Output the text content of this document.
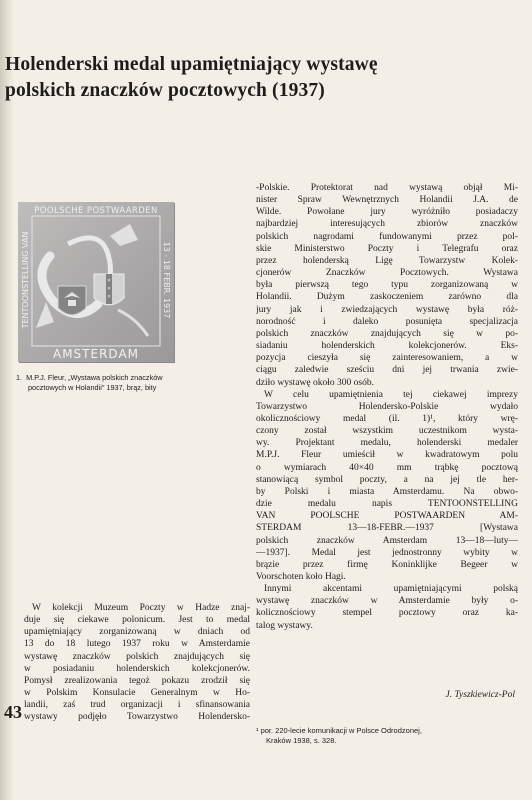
Holenderski medal upamiętniający wystawę
polskich znaczków pocztowych (1937)
POOLSCHE POSTWAARDEN
TENTOONSTELLING VAN	13 - 18 FEBR. 1937
AMSTERDAM
✕
✕
✕
1. M.P.J. Fleur, „Wystawa polskich znaczków
pocztowych w Holandii" 1937, brąz, bity
-Polskie. Protektorat nad wystawą objął Mi-
nister Spraw Wewnętrznych Holandii J.A. de
Wilde. Powołane jury wyróżniło posiadaczy
najbardziej interesujących zbiorów znaczków
polskich nagrodami fundowanymi przez pol-
skie Ministerstwo Poczty i Telegrafu oraz
przez holenderską Ligę Towarzystw Kolek-
cjonerów Znaczków Pocztowych. Wystawa
była pierwszą tego typu zorganizowaną w
Holandii. Dużym zaskoczeniem zarówno dla
jury jak i zwiedzających wystawę była róż-
norodność i daleko posunięta specjalizacja
polskich znaczków znajdujących się w po-
siadaniu holenderskich kolekcjonerów. Eks-
pozycja cieszyła się zainteresowaniem, a w
ciągu zaledwie sześciu dni jej trwania zwie-
dziło wystawę około 300 osób.
W celu upamiętnienia tej ciekawej imprezy
Towarzystwo Holendersko-Polskie wydało
okolicznościowy medal (il. 1)¹, który wrę-
czony został wszystkim uczestnikom wysta-
wy. Projektant medalu, holenderski medaler
M.P.J. Fleur umieścił w kwadratowym polu
o wymiarach 40×40 mm trąbkę pocztową
stanowiącą symbol poczty, a na jej tle her-
by Polski i miasta Amsterdamu. Na obwo-
dzie medalu napis TENTOONSTELLING
VAN POOLSCHE POSTWAARDEN AM-
STERDAM 13—18-FEBR.—1937 [Wystawa
polskich znaczków Amsterdam 13—18—luty—
—1937]. Medal jest jednostronny wybity w
brązie przez firmę Koninklijke Begeer w
Voorschoten koło Hagi.
Innymi akcentami upamiętniającymi polską
wystawę znaczków w Amsterdamie były o-
kolicznościowy stempel pocztowy oraz ka-
talog wystawy.
J. Tyszkiewicz-Pol
W kolekcji Muzeum Poczty w Hadze znaj-
duje się ciekawe polonicum. Jest to medal
upamiętniający zorganizowaną w dniach od
13 do 18 lutego 1937 roku w Amsterdamie
wystawę znaczków polskich znajdujących się
w posiadaniu holenderskich kolekcjonerów.
Pomysł zrealizowania tegoż pokazu zrodził się
w Polskim Konsulacie Generalnym w Ho-
landii, zaś trud organizacji i sfinansowania
wystawy podjęło Towarzystwo Holendersko-
43
¹ por. 220-lecie komunikacji w Polsce Odrodzonej,
Kraków 1938, s. 328.
